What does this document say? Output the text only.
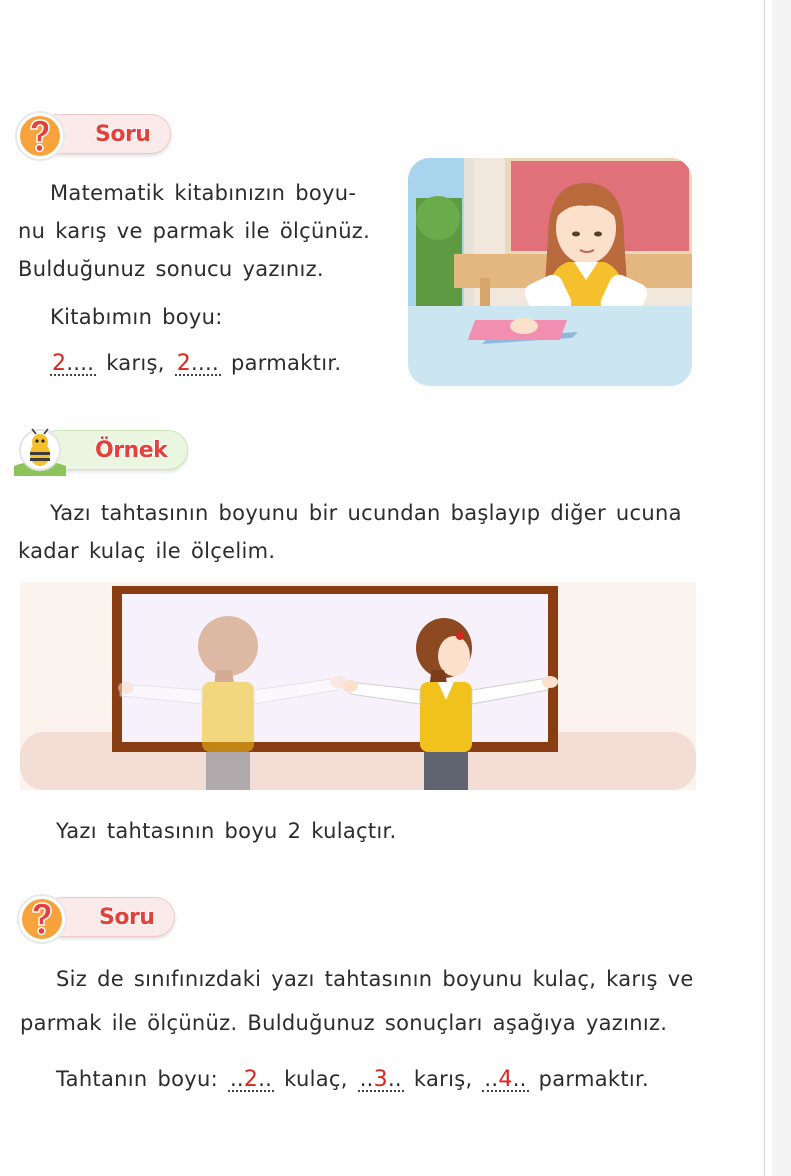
Soru
Matematik kitabınızın boyu-
nu karış ve parmak ile ölçünüz.
Bulduğunuz sonucu yazınız.
Kitabımın boyu:
2.... karış, 2.... parmaktır.
Örnek
Yazı tahtasının boyunu bir ucundan başlayıp diğer ucuna
kadar kulaç ile ölçelim.
Yazı tahtasının boyu 2 kulaçtır.
Soru
Siz de sınıfınızdaki yazı tahtasının boyunu kulaç, karış ve
parmak ile ölçünüz. Bulduğunuz sonuçları aşağıya yazınız.
Tahtanın boyu: ..2.. kulaç, ..3.. karış, ..4.. parmaktır.
